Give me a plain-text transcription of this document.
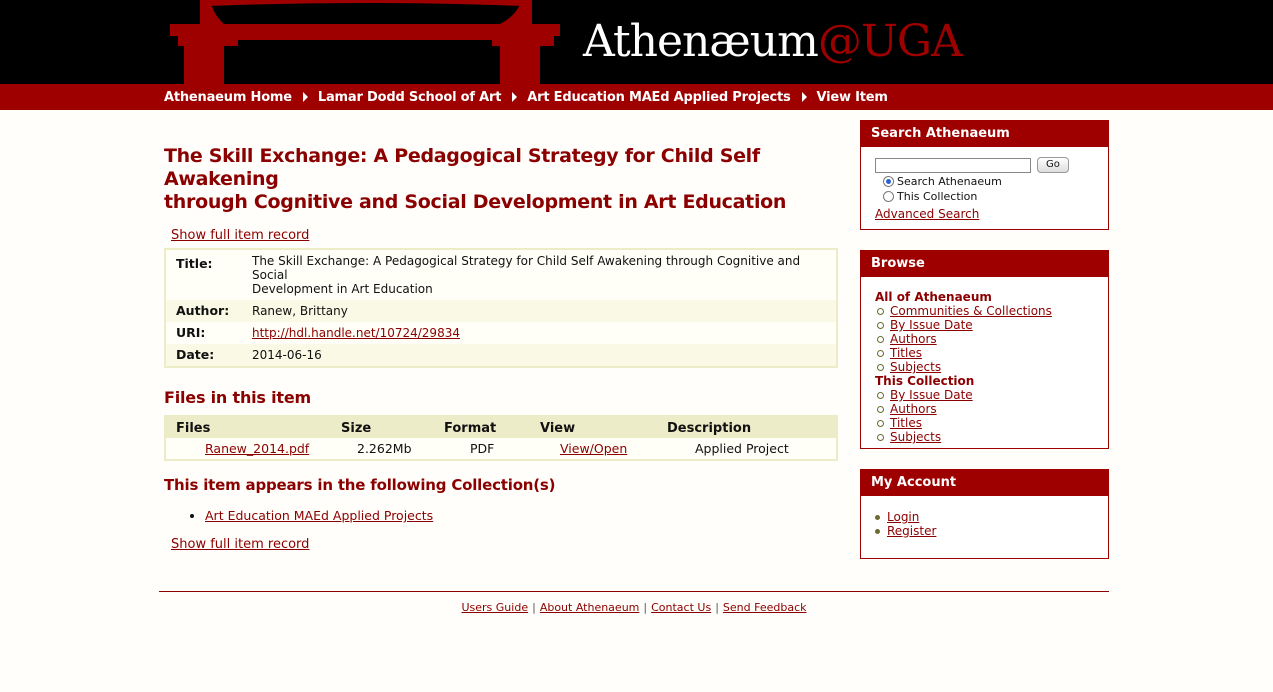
Athenæum@UGA
Athenaeum Home Lamar Dodd School of Art Art Education MAEd Applied Projects View Item
The Skill Exchange: A Pedagogical Strategy for Child Self Awakening
through Cognitive and Social Development in Art Education
Show full item record
Title:	The Skill Exchange: A Pedagogical Strategy for Child Self Awakening through Cognitive and Social
Development in Art Education
Author:	Ranew, Brittany
URI:	http://hdl.handle.net/10724/29834
Date:	2014-06-16
Files in this item
Files	Size	Format	View	Description
Ranew_2014.pdf	2.262Mb	PDF	View/Open	Applied Project
This item appears in the following Collection(s)
• Art Education MAEd Applied Projects
Show full item record
Search Athenaeum
Go
Search Athenaeum
This Collection
Advanced Search
Browse
All of Athenaeum
Communities & Collections
By Issue Date
Authors
Titles
Subjects
This Collection
By Issue Date
Authors
Titles
Subjects
My Account
Login
Register
Users Guide | About Athenaeum | Contact Us | Send Feedback
